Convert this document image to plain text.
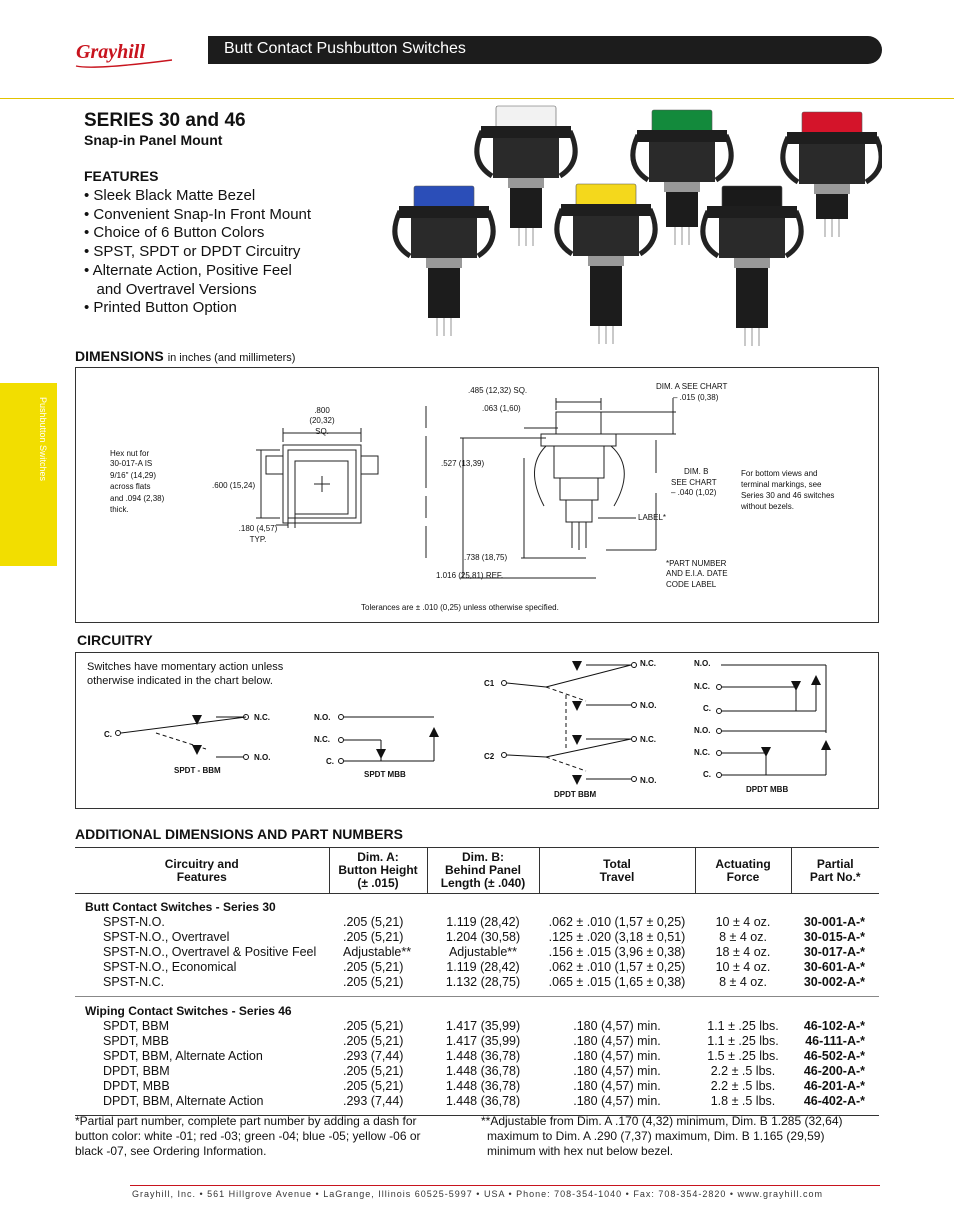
Grayhill	Butt Contact Pushbutton Switches
Pushbutton Switches
SERIES 30 and 46
Snap-in Panel Mount
FEATURES
• Sleek Black Matte Bezel
• Convenient Snap-In Front Mount
• Choice of 6 Button Colors
• SPST, SPDT or DPDT Circuitry
• Alternate Action, Positive Feel
and Overtravel Versions
• Printed Button Option
DIMENSIONS in inches (and millimeters)
Hex nut for
30-017-A IS
9/16" (14,29)
across flats
and .094 (2,38)
thick.
.800
(20,32)
SQ.
.600 (15,24)
.180 (4,57)
TYP.
.485 (12,32) SQ.
.063 (1,60)
.527 (13,39)
.738 (18,75)
1.016 (25,81) REF.
DIM. A SEE CHART
– .015 (0,38)
DIM. B
SEE CHART
– .040 (1,02)
LABEL*
*PART NUMBER
AND E.I.A. DATE
CODE LABEL
For bottom views and
terminal markings, see
Series 30 and 46 switches
without bezels.
Tolerances are ± .010 (0,25) unless otherwise specified.
CIRCUITRY
Switches have momentary action unless
otherwise indicated in the chart below.
C.
N.C.
N.O.
SPDT - BBM
N.O.
N.C.
C.
SPDT MBB
C1
N.C.
N.O.
C2
N.C.
N.O.
DPDT BBM
N.O.
N.C.
C.
N.O.
N.C.
C.
DPDT MBB
ADDITIONAL DIMENSIONS AND PART NUMBERS
Circuitry and
Features	Dim. A:
Button Height
(± .015)	Dim. B:
Behind Panel
Length (± .040)	Total
Travel	Actuating
Force	Partial
Part No.*
Butt Contact Switches - Series 30					
SPST-N.O.	.205 (5,21)	1.119 (28,42)	.062 ± .010 (1,57 ± 0,25)	10 ± 4 oz.	30-001-A-*
SPST-N.O., Overtravel	.205 (5,21)	1.204 (30,58)	.125 ± .020 (3,18 ± 0,51)	8 ± 4 oz.	30-015-A-*
SPST-N.O., Overtravel & Positive Feel	Adjustable**	Adjustable**	.156 ± .015 (3,96 ± 0,38)	18 ± 4 oz.	30-017-A-*
SPST-N.O., Economical	.205 (5,21)	1.119 (28,42)	.062 ± .010 (1,57 ± 0,25)	10 ± 4 oz.	30-601-A-*
SPST-N.C.	.205 (5,21)	1.132 (28,75)	.065 ± .015 (1,65 ± 0,38)	8 ± 4 oz.	30-002-A-*

Wiping Contact Switches - Series 46					
SPDT, BBM	.205 (5,21)	1.417 (35,99)	.180 (4,57) min.	1.1 ± .25 lbs.	46-102-A-*
SPDT, MBB	.205 (5,21)	1.417 (35,99)	.180 (4,57) min.	1.1 ± .25 lbs.	46-111-A-*
SPDT, BBM, Alternate Action	.293 (7,44)	1.448 (36,78)	.180 (4,57) min.	1.5 ± .25 lbs.	46-502-A-*
DPDT, BBM	.205 (5,21)	1.448 (36,78)	.180 (4,57) min.	2.2 ± .5 lbs.	46-200-A-*
DPDT, MBB	.205 (5,21)	1.448 (36,78)	.180 (4,57) min.	2.2 ± .5 lbs.	46-201-A-*
DPDT, BBM, Alternate Action	.293 (7,44)	1.448 (36,78)	.180 (4,57) min.	1.8 ± .5 lbs.	46-402-A-*

*Partial part number, complete part number by adding a dash for
button color: white -01; red -03; green -04; blue -05; yellow -06 or
black -07, see Ordering Information.
**Adjustable from Dim. A .170 (4,32) minimum, Dim. B 1.285 (32,64)
maximum to Dim. A .290 (7,37) maximum, Dim. B 1.165 (29,59)
minimum with hex nut below bezel.
Grayhill, Inc. • 561 Hillgrove Avenue • LaGrange, Illinois 60525-5997 • USA • Phone: 708-354-1040 • Fax: 708-354-2820 • www.grayhill.com
